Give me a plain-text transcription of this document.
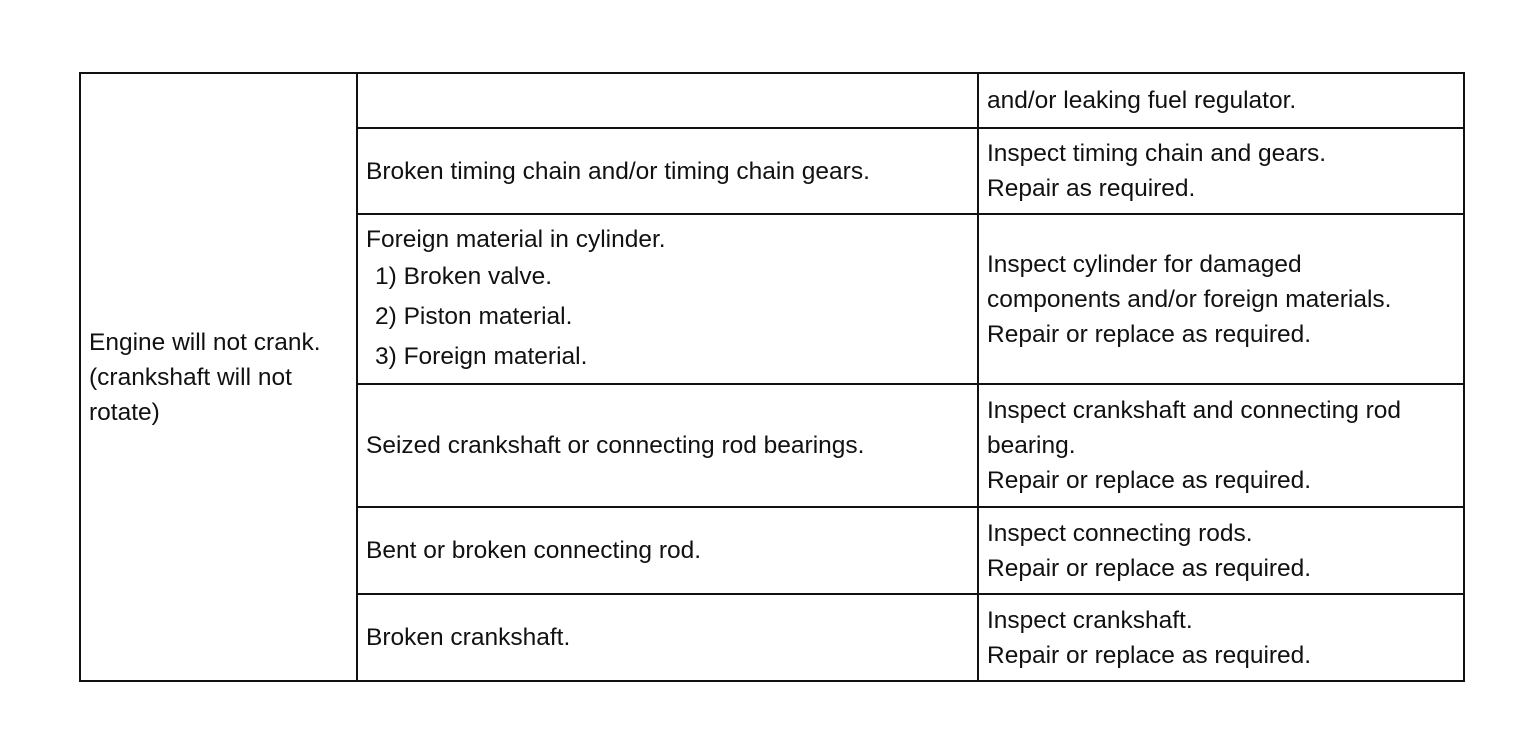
Engine will not crank.
(crankshaft will not
rotate)		and/or leaking fuel regulator.

	Broken timing chain and/or timing chain gears.	Inspect timing chain and gears.
Repair as required.

	Foreign material in cylinder.
1) Broken valve.
2) Piston material.
3) Foreign material.	Inspect cylinder for damaged
components and/or foreign materials.
Repair or replace as required.

	Seized crankshaft or connecting rod bearings.	Inspect crankshaft and connecting rod
bearing.
Repair or replace as required.

	Bent or broken connecting rod.	Inspect connecting rods.
Repair or replace as required.

	Broken crankshaft.	Inspect crankshaft.
Repair or replace as required.
